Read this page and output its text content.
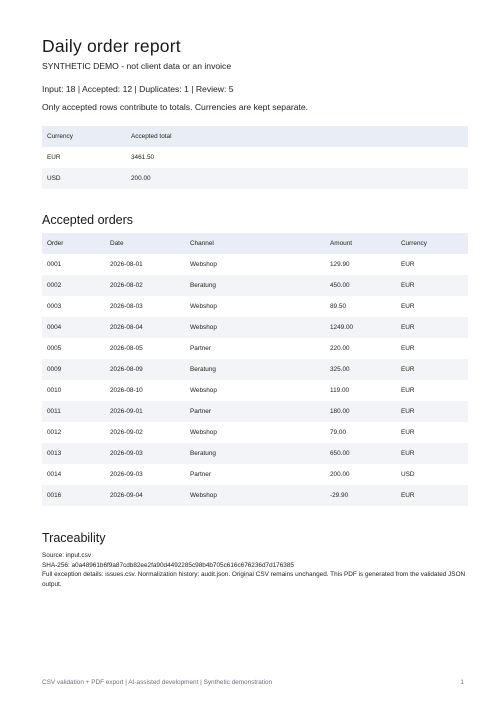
Daily order report
SYNTHETIC DEMO - not client data or an invoice
Input: 18 | Accepted: 12 | Duplicates: 1 | Review: 5
Only accepted rows contribute to totals. Currencies are kept separate.
Currency	Accepted total
EUR	3461.50
USD	200.00
Accepted orders
Order	Date	Channel	Amount	Currency
0001	2026-08-01	Webshop	129.90	EUR
0002	2026-08-02	Beratung	450.00	EUR
0003	2026-08-03	Webshop	89.50	EUR
0004	2026-08-04	Webshop	1249.00	EUR
0005	2026-08-05	Partner	220.00	EUR
0009	2026-08-09	Beratung	325.00	EUR
0010	2026-08-10	Webshop	119.00	EUR
0011	2026-09-01	Partner	180.00	EUR
0012	2026-09-02	Webshop	79.00	EUR
0013	2026-09-03	Beratung	650.00	EUR
0014	2026-09-03	Partner	200.00	USD
0016	2026-09-04	Webshop	-29.90	EUR
Traceability
Source: input.csv
SHA-256: a0a48961b6f9a87cdb82ee2fa90d4492285c98b4b705c616c676236d7d176385
Full exception details: issues.csv. Normalization history: audit.json. Original CSV remains unchanged. This PDF is generated from the validated JSON output.
CSV validation + PDF export | AI-assisted development | Synthetic demonstration	1
